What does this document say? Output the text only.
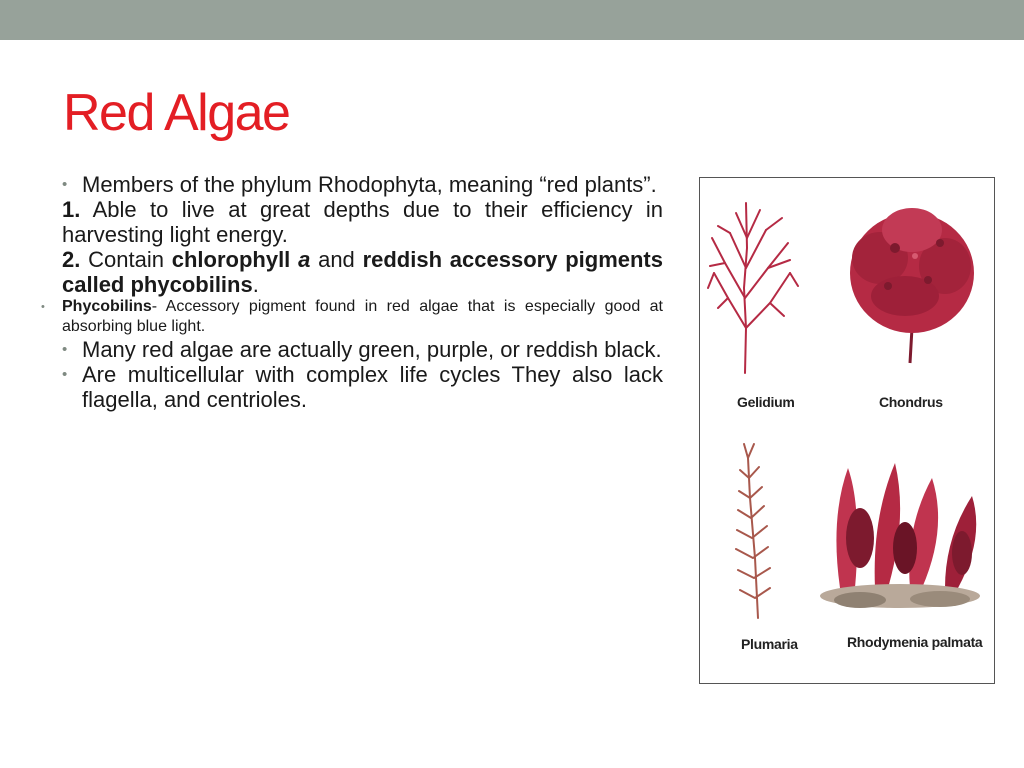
Red Algae

• Members of the phylum Rhodophyta, meaning “red plants”.

1. Able to live at great depths due to their efficiency in harvesting light energy.

2. Contain chlorophyll a and reddish accessory pigments called phycobilins.

• Phycobilins- Accessory pigment found in red algae that is especially good at absorbing blue light.

• Many red algae are actually green, purple, or reddish black.

• Are multicellular with complex life cycles They also lack flagella, and centrioles.	Gelidium	Chondrus
Plumaria	Rhodymenia palmata
